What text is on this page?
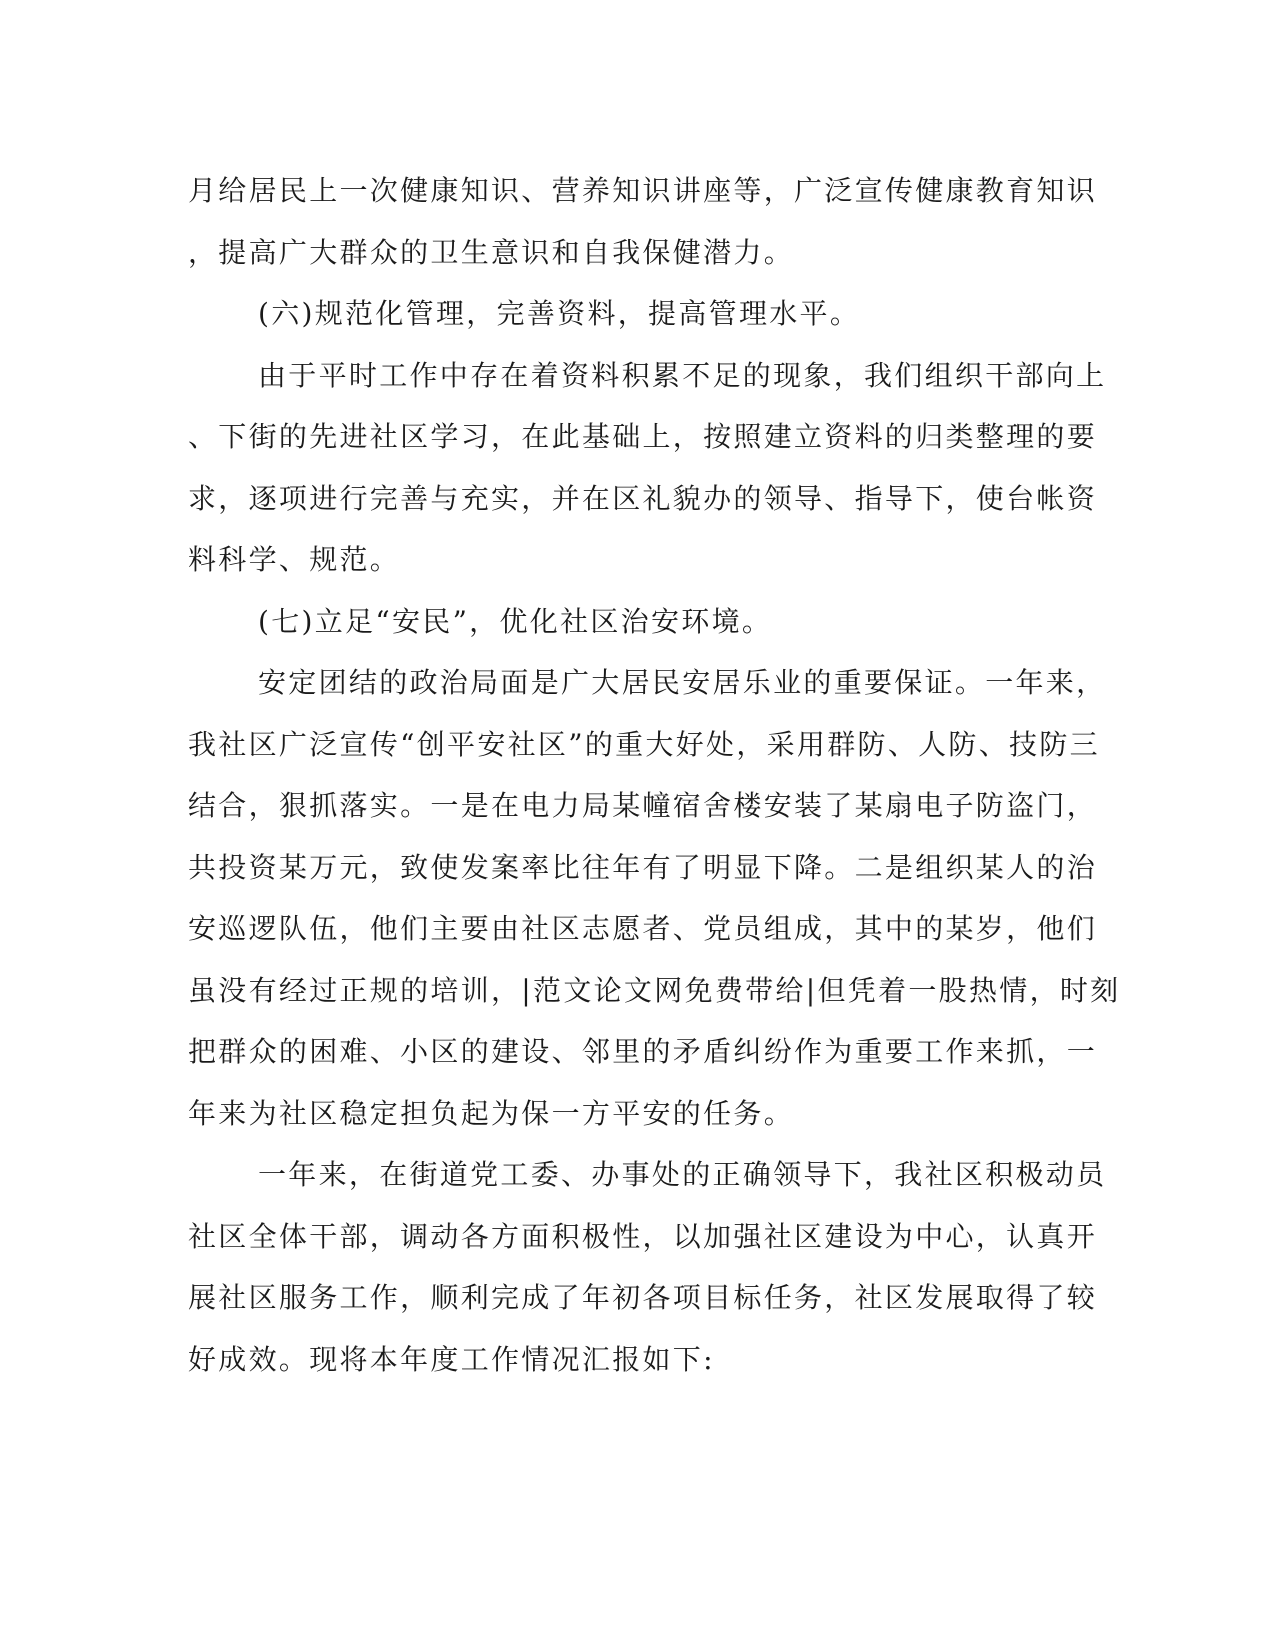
月给居民上一次健康知识、营养知识讲座等，广泛宣传健康教育知识
，提高广大群众的卫生意识和自我保健潜力。
(六)规范化管理，完善资料，提高管理水平。
由于平时工作中存在着资料积累不足的现象，我们组织干部向上
、下街的先进社区学习，在此基础上，按照建立资料的归类整理的要
求，逐项进行完善与充实，并在区礼貌办的领导、指导下，使台帐资
料科学、规范。
(七)立足“安民”，优化社区治安环境。
安定团结的政治局面是广大居民安居乐业的重要保证。一年来，
我社区广泛宣传“创平安社区”的重大好处，采用群防、人防、技防三
结合，狠抓落实。一是在电力局某幢宿舍楼安装了某扇电子防盗门，
共投资某万元，致使发案率比往年有了明显下降。二是组织某人的治
安巡逻队伍，他们主要由社区志愿者、党员组成，其中的某岁，他们
虽没有经过正规的培训，|范文论文网免费带给|但凭着一股热情，时刻
把群众的困难、小区的建设、邻里的矛盾纠纷作为重要工作来抓，一
年来为社区稳定担负起为保一方平安的任务。
一年来，在街道党工委、办事处的正确领导下，我社区积极动员
社区全体干部，调动各方面积极性，以加强社区建设为中心，认真开
展社区服务工作，顺利完成了年初各项目标任务，社区发展取得了较
好成效。现将本年度工作情况汇报如下:
